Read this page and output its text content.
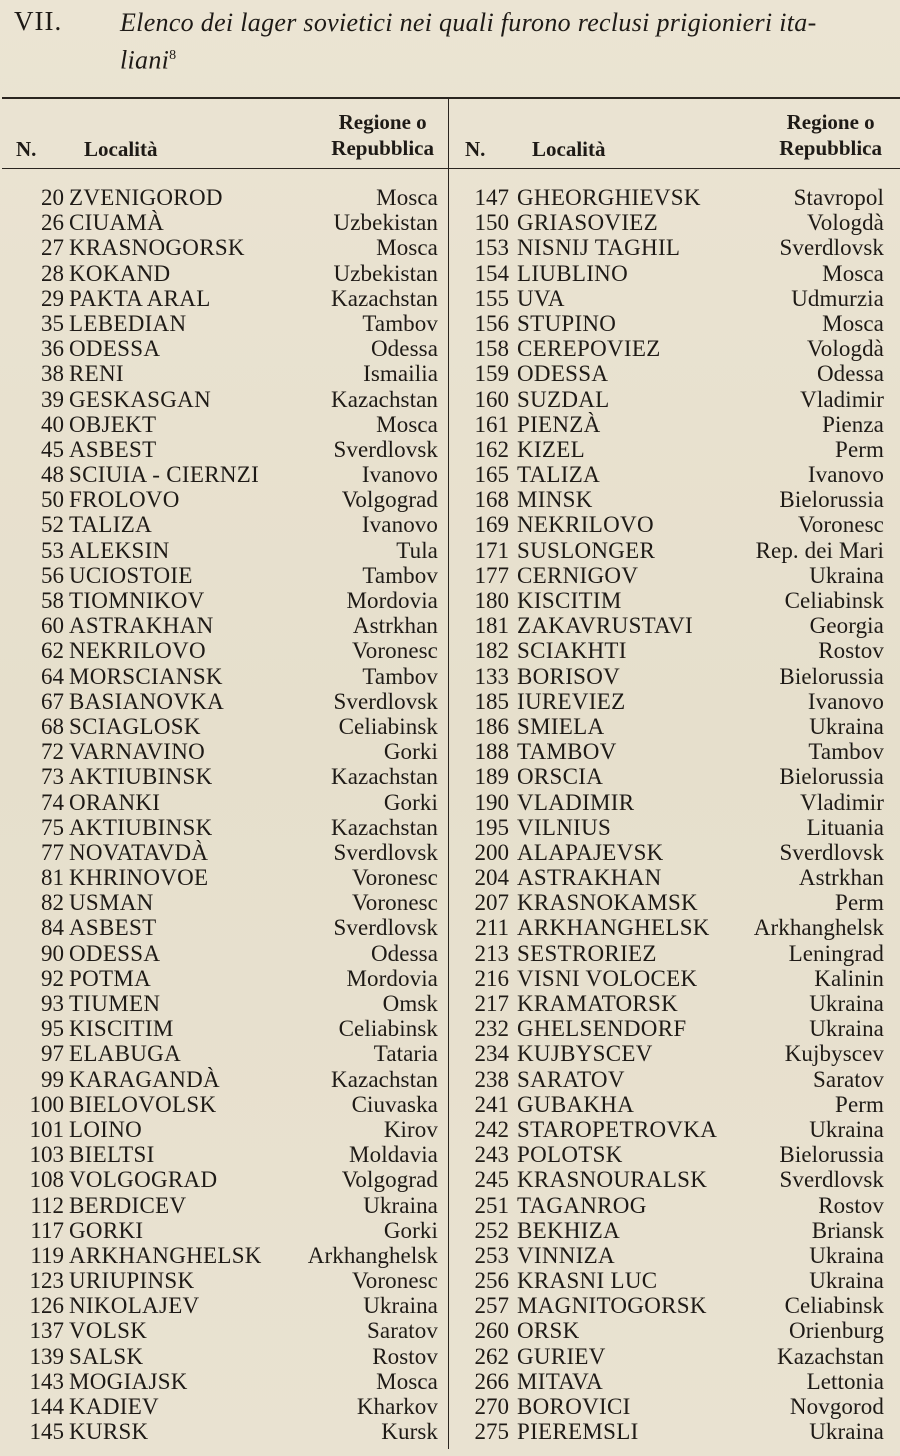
VII. Elenco dei lager sovietici nei quali furono reclusi prigionieri ita-
liani$^8$
N. Località
Regione o
Repubblica
20 ZVENIGOROD	Mosca
26 CIUAMÀ	Uzbekistan
27 KRASNOGORSK	Mosca
28 KOKAND	Uzbekistan
29 PAKTA ARAL	Kazachstan
35 LEBEDIAN	Tambov
36 ODESSA	Odessa
38 RENI	Ismailia
39 GESKASGAN	Kazachstan
40 OBJEKT	Mosca
45 ASBEST	Sverdlovsk
48 SCIUIA - CIERNZI	Ivanovo
50 FROLOVO	Volgograd
52 TALIZA	Ivanovo
53 ALEKSIN	Tula
56 UCIOSTOIE	Tambov
58 TIOMNIKOV	Mordovia
60 ASTRAKHAN	Astrkhan
62 NEKRILOVO	Voronesc
64 MORSCIANSK	Tambov
67 BASIANOVKA	Sverdlovsk
68 SCIAGLOSK	Celiabinsk
72 VARNAVINO	Gorki
73 AKTIUBINSK	Kazachstan
74 ORANKI	Gorki
75 AKTIUBINSK	Kazachstan
77 NOVATAVDÀ	Sverdlovsk
81 KHRINOVOE	Voronesc
82 USMAN	Voronesc
84 ASBEST	Sverdlovsk
90 ODESSA	Odessa
92 POTMA	Mordovia
93 TIUMEN	Omsk
95 KISCITIM	Celiabinsk
97 ELABUGA	Tataria
99 KARAGANDÀ	Kazachstan
100 BIELOVOLSK	Ciuvaska
101 LOINO	Kirov
103 BIELTSI	Moldavia
108 VOLGOGRAD	Volgograd
112 BERDICEV	Ukraina
117 GORKI	Gorki
119 ARKHANGHELSK Arkhanghelsk
123 URIUPINSK	Voronesc
126 NIKOLAJEV	Ukraina
137 VOLSK	Saratov
139 SALSK	Rostov
143 MOGIAJSK	Mosca
144 KADIEV	Kharkov
145 KURSK	Kursk
N. Località
Regione o
Repubblica
147 GHEORGHIEVSK	Stavropol
150 GRIASOVIEZ	Vologdà
153 NISNIJ TAGHIL	Sverdlovsk
154 LIUBLINO	Mosca
155 UVA	Udmurzia
156 STUPINO	Mosca
158 CEREPOVIEZ	Vologdà
159 ODESSA	Odessa
160 SUZDAL	Vladimir
161 PIENZÀ	Pienza
162 KIZEL	Perm
165 TALIZA	Ivanovo
168 MINSK	Bielorussia
169 NEKRILOVO	Voronesc
171 SUSLONGER	Rep. dei Mari
177 CERNIGOV	Ukraina
180 KISCITIM	Celiabinsk
181 ZAKAVRUSTAVI	Georgia
182 SCIAKHTI	Rostov
133 BORISOV	Bielorussia
185 IUREVIEZ	Ivanovo
186 SMIELA	Ukraina
188 TAMBOV	Tambov
189 ORSCIA	Bielorussia
190 VLADIMIR	Vladimir
195 VILNIUS	Lituania
200 ALAPAJEVSK	Sverdlovsk
204 ASTRAKHAN	Astrkhan
207 KRASNOKAMSK	Perm
211 ARKHANGHELSK Arkhanghelsk
213 SESTRORIEZ	Leningrad
216 VISNI VOLOCEK	Kalinin
217 KRAMATORSK	Ukraina
232 GHELSENDORF	Ukraina
234 KUJBYSCEV	Kujbyscev
238 SARATOV	Saratov
241 GUBAKHA	Perm
242 STAROPETROVKA	Ukraina
243 POLOTSK	Bielorussia
245 KRASNOURALSK	Sverdlovsk
251 TAGANROG	Rostov
252 BEKHIZA	Briansk
253 VINNIZA	Ukraina
256 KRASNI LUC	Ukraina
257 MAGNITOGORSK	Celiabinsk
260 ORSK	Orienburg
262 GURIEV	Kazachstan
266 MITAVA	Lettonia
270 BOROVICI	Novgorod
275 PIEREMSLI	Ukraina
